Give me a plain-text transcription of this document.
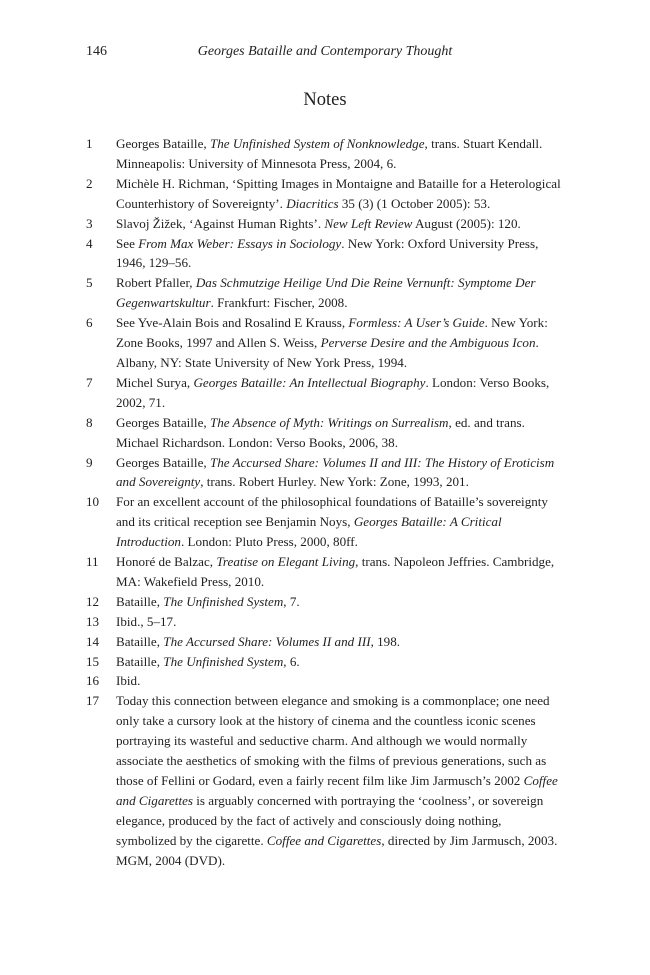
146	Georges Bataille and Contemporary Thought
Notes
1	Georges Bataille, The Unfinished System of Nonknowledge, trans. Stuart Kendall. Minneapolis: University of Minnesota Press, 2004, 6.
2	Michèle H. Richman, ‘Spitting Images in Montaigne and Bataille for a Heterological Counterhistory of Sovereignty’. Diacritics 35 (3) (1 October 2005): 53.
3	Slavoj Žižek, ‘Against Human Rights’. New Left Review August (2005): 120.
4	See From Max Weber: Essays in Sociology. New York: Oxford University Press, 1946, 129–56.
5	Robert Pfaller, Das Schmutzige Heilige Und Die Reine Vernunft: Symptome Der Gegenwartskultur. Frankfurt: Fischer, 2008.
6	See Yve-Alain Bois and Rosalind E Krauss, Formless: A User’s Guide. New York: Zone Books, 1997 and Allen S. Weiss, Perverse Desire and the Ambiguous Icon. Albany, NY: State University of New York Press, 1994.
7	Michel Surya, Georges Bataille: An Intellectual Biography. London: Verso Books, 2002, 71.
8	Georges Bataille, The Absence of Myth: Writings on Surrealism, ed. and trans. Michael Richardson. London: Verso Books, 2006, 38.
9	Georges Bataille, The Accursed Share: Volumes II and III: The History of Eroticism and Sovereignty, trans. Robert Hurley. New York: Zone, 1993, 201.
10	For an excellent account of the philosophical foundations of Bataille’s sovereignty and its critical reception see Benjamin Noys, Georges Bataille: A Critical Introduction. London: Pluto Press, 2000, 80ff.
11	Honoré de Balzac, Treatise on Elegant Living, trans. Napoleon Jeffries. Cambridge, MA: Wakefield Press, 2010.
12	Bataille, The Unfinished System, 7.
13	Ibid., 5–17.
14	Bataille, The Accursed Share: Volumes II and III, 198.
15	Bataille, The Unfinished System, 6.
16	Ibid.
17	Today this connection between elegance and smoking is a commonplace; one need only take a cursory look at the history of cinema and the countless iconic scenes portraying its wasteful and seductive charm. And although we would normally associate the aesthetics of smoking with the films of previous generations, such as those of Fellini or Godard, even a fairly recent film like Jim Jarmusch’s 2002 Coffee and Cigarettes is arguably concerned with portraying the ‘coolness’, or sovereign elegance, produced by the fact of actively and consciously doing nothing, symbolized by the cigarette. Coffee and Cigarettes, directed by Jim Jarmusch, 2003. MGM, 2004 (DVD).
